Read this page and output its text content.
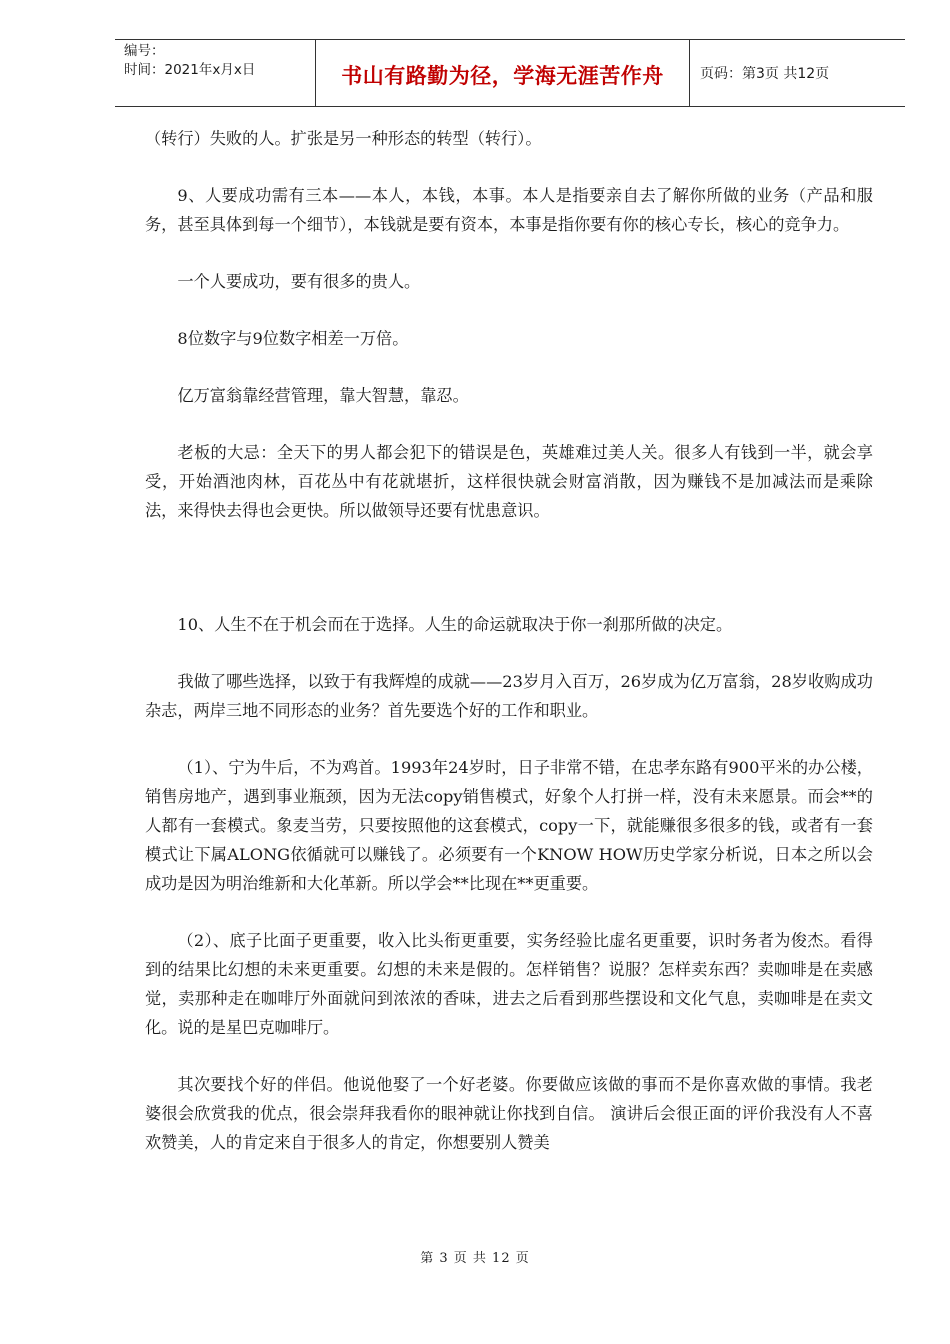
编号：
时间：2021年x月x日	书山有路勤为径，学海无涯苦作舟	页码：第3页 共12页

（转行）失败的人。扩张是另一种形态的转型（转行）。

9、人要成功需有三本——本人，本钱，本事。本人是指要亲自去了解你所做的业务（产品和服务，甚至具体到每一个细节），本钱就是要有资本，本事是指你要有你的核心专长，核心的竞争力。

一个人要成功，要有很多的贵人。

8位数字与9位数字相差一万倍。

亿万富翁靠经营管理，靠大智慧，靠忍。

老板的大忌：全天下的男人都会犯下的错误是色，英雄难过美人关。很多人有钱到一半，就会享受，开始酒池肉林，百花丛中有花就堪折，这样很快就会财富消散，因为赚钱不是加减法而是乘除法，来得快去得也会更快。所以做领导还要有忧患意识。

10、人生不在于机会而在于选择。人生的命运就取决于你一刹那所做的决定。

我做了哪些选择，以致于有我辉煌的成就——23岁月入百万，26岁成为亿万富翁，28岁收购成功杂志，两岸三地不同形态的业务？首先要选个好的工作和职业。

（1）、宁为牛后，不为鸡首。1993年24岁时，日子非常不错，在忠孝东路有900平米的办公楼，销售房地产，遇到事业瓶颈，因为无法copy销售模式，好象个人打拼一样，没有未来愿景。而会**的人都有一套模式。象麦当劳，只要按照他的这套模式，copy一下，就能赚很多很多的钱，或者有一套模式让下属ALONG依循就可以赚钱了。必须要有一个KNOW HOW历史学家分析说，日本之所以会成功是因为明治维新和大化革新。所以学会**比现在**更重要。

（2）、底子比面子更重要，收入比头衔更重要，实务经验比虚名更重要，识时务者为俊杰。看得到的结果比幻想的未来更重要。幻想的未来是假的。怎样销售？说服？怎样卖东西？卖咖啡是在卖感觉，卖那种走在咖啡厅外面就问到浓浓的香味，进去之后看到那些摆设和文化气息，卖咖啡是在卖文化。说的是星巴克咖啡厅。

其次要找个好的伴侣。他说他娶了一个好老婆。你要做应该做的事而不是你喜欢做的事情。我老婆很会欣赏我的优点，很会崇拜我看你的眼神就让你找到自信。 演讲后会很正面的评价我没有人不喜欢赞美，人的肯定来自于很多人的肯定，你想要别人赞美

第 3 页 共 12 页
